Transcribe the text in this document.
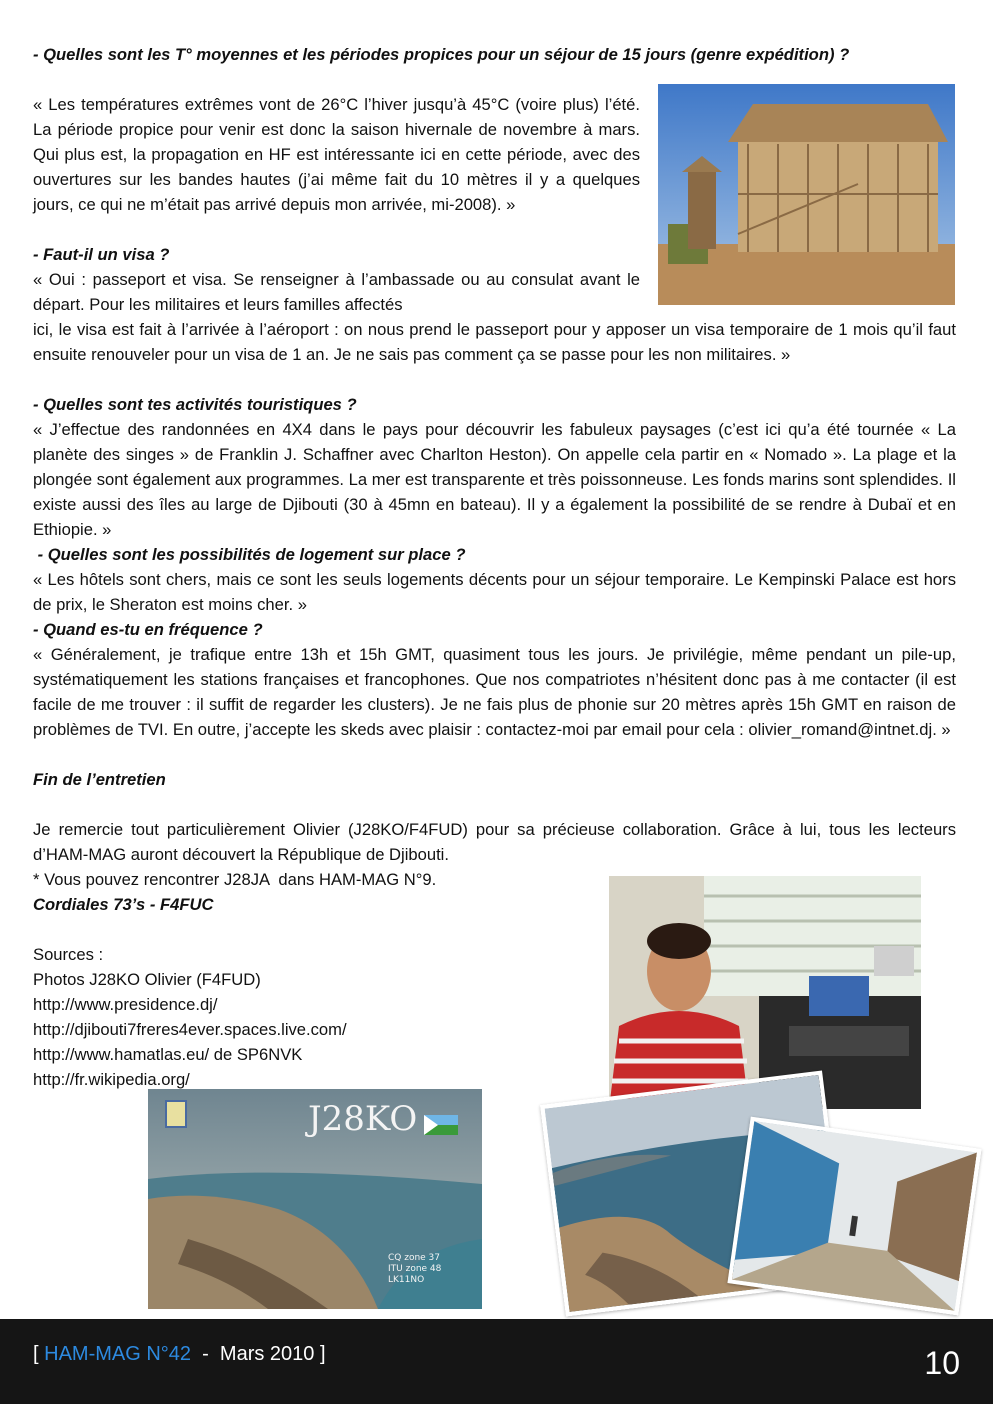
- Quelles sont les T° moyennes et les périodes propices pour un séjour de 15 jours (genre expédition) ?

« Les températures extrêmes vont de 26°C l’hiver jusqu’à 45°C (voire plus) l’été. La période propice pour venir est donc la saison hivernale de novembre à mars. Qui plus est, la propagation en HF est intéressante ici en cette période, avec des ouvertures sur les bandes hautes (j’ai même fait du 10 mètres il y a quelques jours, ce qui ne m’était pas arrivé depuis mon arrivée, mi-2008). »

- Faut-il un visa ?

« Oui : passeport et visa. Se renseigner à l’ambassade ou au consulat avant le départ. Pour les militaires et leurs familles affectés

ici, le visa est fait à l’arrivée à l’aéroport : on nous prend le passeport pour y apposer un visa temporaire de 1 mois qu’il faut ensuite renouveler pour un visa de 1 an. Je ne sais pas comment ça se passe pour les non militaires. »

- Quelles sont tes activités touristiques ?

« J’effectue des randonnées en 4X4 dans le pays pour découvrir les fabuleux paysages (c’est ici qu’a été tournée « La planète des singes » de Franklin J. Schaffner avec Charlton Heston). On appelle cela partir en « Nomado ». La plage et la plongée sont également aux programmes. La mer est transparente et très poissonneuse. Les fonds marins sont splendides. Il existe aussi des îles au large de Djibouti (30 à 45mn en bateau). Il y a également la possibilité de se rendre à Dubaï et en Ethiopie. »

- Quelles sont les possibilités de logement sur place ?

« Les hôtels sont chers, mais ce sont les seuls logements décents pour un séjour temporaire. Le Kempinski Palace est hors de prix, le Sheraton est moins cher. »

- Quand es-tu en fréquence ?

« Généralement, je trafique entre 13h et 15h GMT, quasiment tous les jours. Je privilégie, même pendant un pile-up, systématiquement les stations françaises et francophones. Que nos compatriotes n’hésitent donc pas à me contacter (il est facile de me trouver : il suffit de regarder les clusters). Je ne fais plus de phonie sur 20 mètres après 15h GMT en raison de problèmes de TVI. En outre, j’accepte les skeds avec plaisir : contactez-moi par email pour cela : olivier_romand@intnet.dj. »

Fin de l’entretien

Je remercie tout particulièrement Olivier (J28KO/F4FUD) pour sa précieuse collaboration. Grâce à lui, tous les lecteurs d’HAM-MAG auront découvert la République de Djibouti.

* Vous pouvez rencontrer J28JA  dans HAM-MAG N°9.

Cordiales 73’s - F4FUC

Sources :

Photos J28KO Olivier (F4FUD)

http://www.presidence.dj/

http://djibouti7freres4ever.spaces.live.com/

http://www.hamatlas.eu/ de SP6NVK

http://fr.wikipedia.org/

J28KO
CQ zone 37
ITU zone 48
LK11NO
[ HAM-MAG N°42  -  Mars 2010 ]	10
